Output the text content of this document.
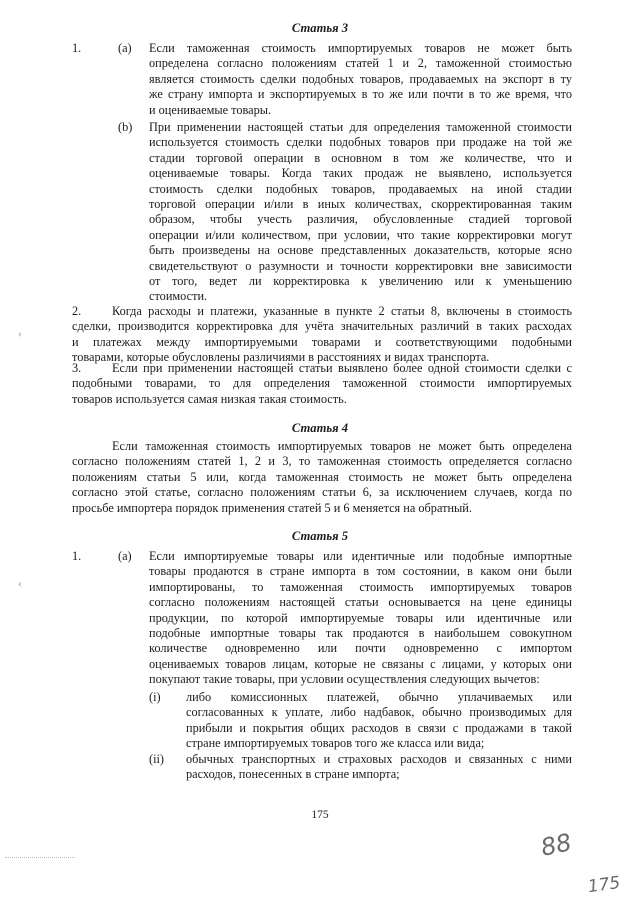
Статья 3
1.	(a) Если таможенная стоимость импортируемых товаров не может быть
определена согласно положениям статей 1 и 2, таможенной стоимостью
является стоимость сделки подобных товаров, продаваемых на экспорт в ту
же страну импорта и экспортируемых в то же или почти в то же время, что
и оцениваемые товары.
(b) При применении настоящей статьи для определения таможенной стоимости
используется стоимость сделки подобных товаров при продаже на той же
стадии торговой операции в основном в том же количестве, что и
оцениваемые товары. Когда таких продаж не выявлено, используется
стоимость сделки подобных товаров, продаваемых на иной стадии
торговой операции и/или в иных количествах, скорректированная таким
образом, чтобы учесть различия, обусловленные стадией торговой
операции и/или количеством, при условии, что такие корректировки могут
быть произведены на основе представленных доказательств, которые ясно
свидетельствуют о разумности и точности корректировки вне зависимости
от того, ведет ли корректировка к увеличению или к уменьшению
стоимости.
2.	Когда расходы и платежи, указанные в пункте 2 статьи 8, включены в стоимость
сделки, производится корректировка для учёта значительных различий в таких расходах
и платежах между импортируемыми товарами и соответствующими подобными
товарами, которые обусловлены различиями в расстояниях и видах транспорта.
3.	Если при применении настоящей статьи выявлено более одной стоимости сделки с
подобными товарами, то для определения таможенной стоимости импортируемых
товаров используется самая низкая такая стоимость.
Статья 4
Если таможенная стоимость импортируемых товаров не может быть определена
согласно положениям статей 1, 2 и 3, то таможенная стоимость определяется согласно
положениям статьи 5 или, когда таможенная стоимость не может быть определена
согласно этой статье, согласно положениям статьи 6, за исключением случаев, когда по
просьбе импортера порядок применения статей 5 и 6 меняется на обратный.
Статья 5
1.	(a) Если импортируемые товары или идентичные или подобные импортные
товары продаются в стране импорта в том состоянии, в каком они были
импортированы, то таможенная стоимость импортируемых товаров
согласно положениям настоящей статьи основывается на цене единицы
продукции, по которой импортируемые товары или идентичные или
подобные импортные товары так продаются в наибольшем совокупном
количестве одновременно или почти одновременно с импортом
оцениваемых товаров лицам, которые не связаны с лицами, у которых они
покупают такие товары, при условии осуществления следующих вычетов:
(i) либо комиссионных платежей, обычно уплачиваемых или
согласованных к уплате, либо надбавок, обычно производимых для
прибыли и покрытия общих расходов в связи с продажами в такой
стране импортируемых товаров того же класса или вида;
(ii) обычных транспортных и страховых расходов и связанных с ними
расходов, понесенных в стране импорта;
175
88
175
‹
‹
